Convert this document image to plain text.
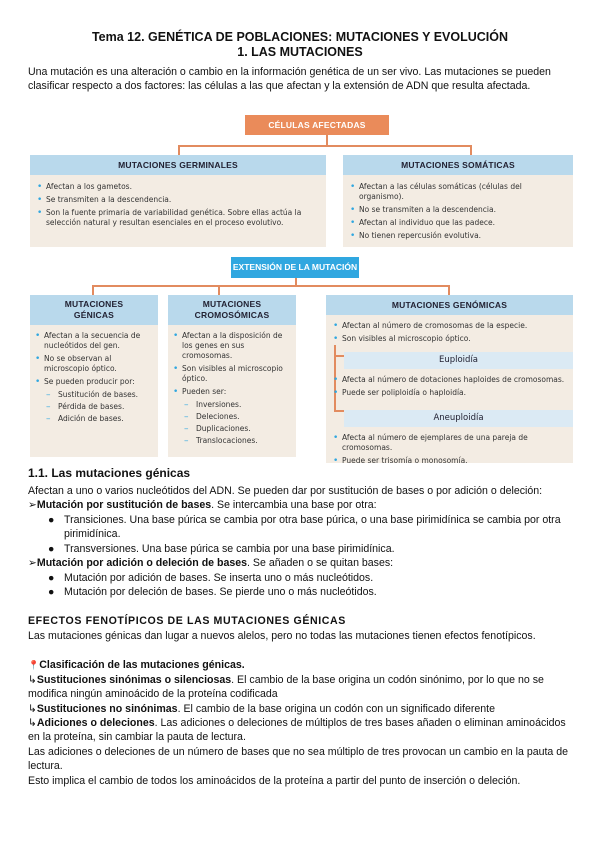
Tema 12. GENÉTICA DE POBLACIONES: MUTACIONES Y EVOLUCIÓN
1. LAS MUTACIONES
Una mutación es una alteración o cambio en la información genética de un ser vivo. Las mutaciones se pueden clasificar respecto a dos factores: las células a las que afectan y la extensión de ADN que resulta afectada.
CÉLULAS AFECTADAS
MUTACIONES GERMINALES
• Afectan a los gametos.
• Se transmiten a la descendencia.
• Son la fuente primaria de variabilidad genética. Sobre ellas actúa la selección natural y resultan esenciales en el proceso evolutivo.
MUTACIONES SOMÁTICAS
• Afectan a las células somáticas (células del organismo).
• No se transmiten a la descendencia.
• Afectan al individuo que las padece.
• No tienen repercusión evolutiva.
EXTENSIÓN DE LA MUTACIÓN
MUTACIONES
GÉNICAS
• Afectan a la secuencia de nucleótidos del gen.
• No se observan al microscopio óptico.
• Se pueden producir por:
– Sustitución de bases.
– Pérdida de bases.
– Adición de bases.
MUTACIONES
CROMOSÓMICAS
• Afectan a la disposición de los genes en sus cromosomas.
• Son visibles al microscopio óptico.
• Pueden ser:
– Inversiones.
– Deleciones.
– Duplicaciones.
– Translocaciones.
MUTACIONES GENÓMICAS
• Afectan al número de cromosomas de la especie.
• Son visibles al microscopio óptico.
Euploidía
• Afecta al número de dotaciones haploides de cromosomas.
• Puede ser poliploidía o haploidía.
Aneuploidía
• Afecta al número de ejemplares de una pareja de cromosomas.
• Puede ser trisomía o monosomía.
1.1. Las mutaciones génicas
Afectan a uno o varios nucleótidos del ADN. Se pueden dar por sustitución de bases o por adición o deleción:
➢Mutación por sustitución de bases. Se intercambia una base por otra:
● Transiciones. Una base púrica se cambia por otra base púrica, o una base pirimidínica se cambia por otra pirimidínica.
● Transversiones. Una base púrica se cambia por una base pirimidínica.
➢Mutación por adición o deleción de bases. Se añaden o se quitan bases:
● Mutación por adición de bases. Se inserta uno o más nucleótidos.
● Mutación por deleción de bases. Se pierde uno o más nucleótidos.
EFECTOS FENOTÍPICOS DE LAS MUTACIONES GÉNICAS
Las mutaciones génicas dan lugar a nuevos alelos, pero no todas las mutaciones tienen efectos fenotípicos.
📍Clasificación de las mutaciones génicas.
↳Sustituciones sinónimas o silenciosas. El cambio de la base origina un codón sinónimo, por lo que no se modifica ningún aminoácido de la proteína codificada
↳Sustituciones no sinónimas. El cambio de la base origina un codón con un significado diferente
↳Adiciones o deleciones. Las adiciones o deleciones de múltiplos de tres bases añaden o eliminan aminoácidos en la proteína, sin cambiar la pauta de lectura.
Las adiciones o deleciones de un número de bases que no sea múltiplo de tres provocan un cambio en la pauta de lectura.
Esto implica el cambio de todos los aminoácidos de la proteína a partir del punto de inserción o deleción.
